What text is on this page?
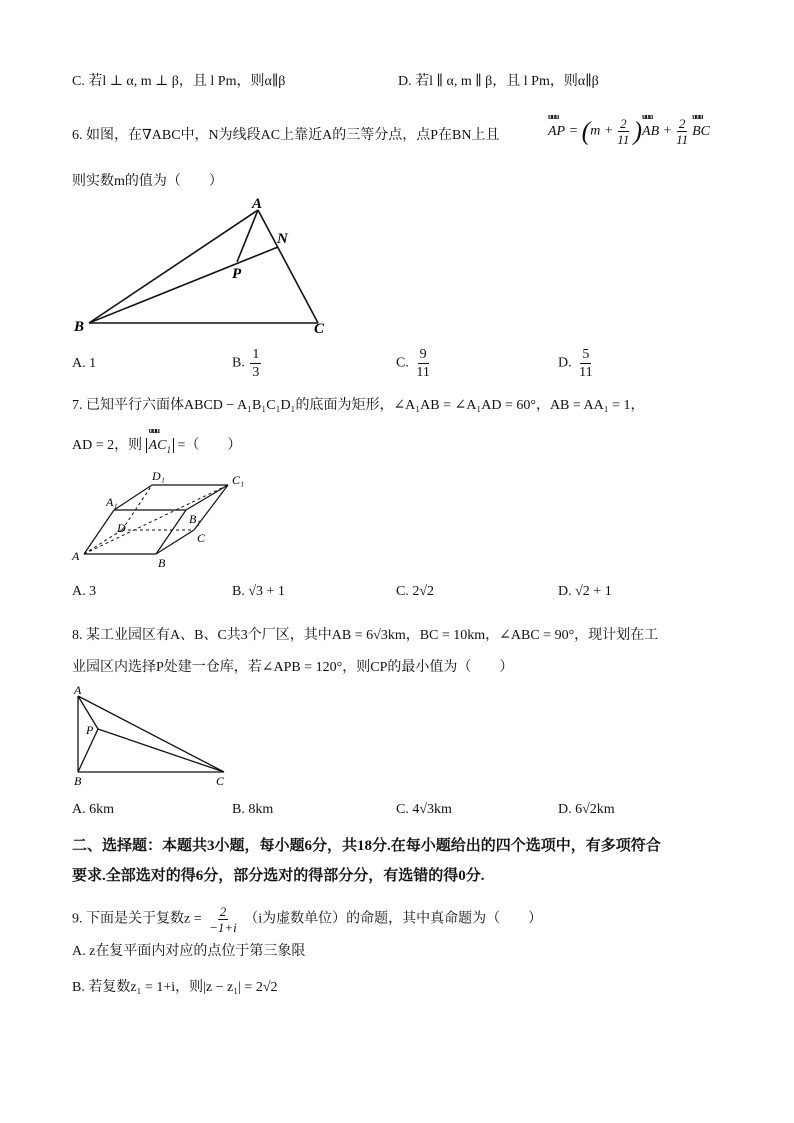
C. 若l ⊥ α, m ⊥ β，且 l Pm，则α∥β	D. 若l ∥ α, m ∥ β，且 l Pm，则α∥β
6. 如图，在∇ABC中，N为线段AC上靠近A的三等分点，点P在BN上且	uuu AP = $(m + \frac{2}{11} )uuu$ AB + $\frac{2}{11}$ uuu BC
则实数m的值为（　　）
A
N
P
B	C
A. 1	B. $\frac{1}{3}$	C. $\frac{9}{11}$	D. $\frac{5}{11}$
7. 已知平行六面体ABCD − A₁B₁C₁D₁的底面为矩形，∠A₁AB = ∠A₁AD = 60°，AB = AA₁ = 1，
AD = 2，则 uuu $AC_1$ =（　　）
A	B
C
D
A₁
B₁
C₁
D₁
A. 3	B. √3 + 1	C. 2√2	D. √2 + 1
8. 某工业园区有A、B、C共3个厂区，其中AB = 6√3km，BC = 10km，∠ABC = 90°，现计划在工
业园区内选择P处建一仓库，若∠APB = 120°，则CP的最小值为（　　）
A
P
B	C
A. 6km	B. 8km	C. 4√3km	D. 6√2km
二、选择题：本题共3小题，每小题6分，共18分.在每小题给出的四个选项中，有多项符合
要求.全部选对的得6分，部分选对的得部分分，有选错的得0分.
9. 下面是关于复数$z = \frac{2}{-1+i} (i$为虚数单位）的命题，其中真命题为（　　）
A. z在复平面内对应的点位于第三象限
B. 若复数z₁ = 1+i，则|z − z₁| = 2√2
